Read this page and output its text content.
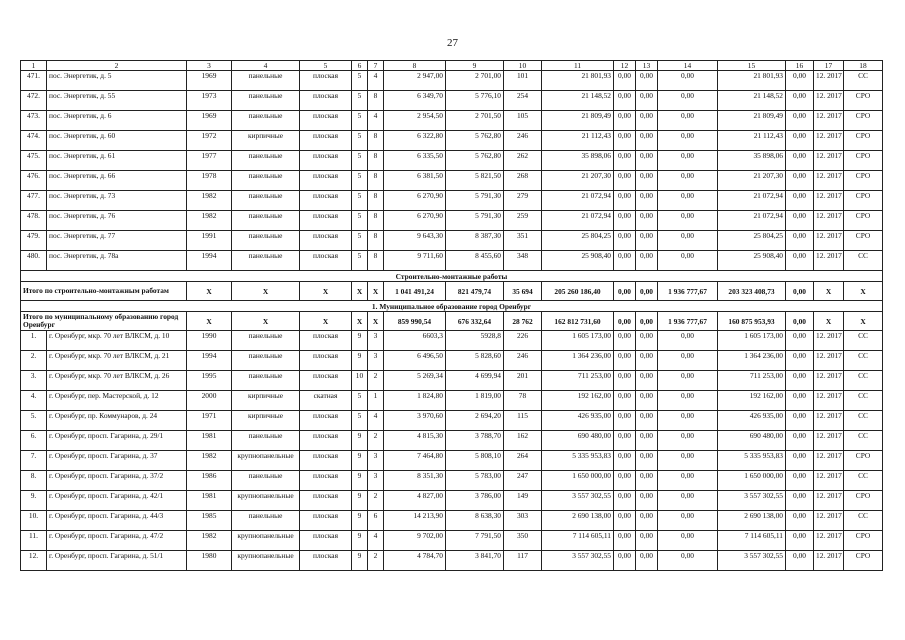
27
1	2	3	4	5	6	7	8	9	10	11	12	13	14	15	16	17	18
471.	пос. Энергетик, д. 5	1969	панельные	плоская	5	4	2 947,00	2 701,00	101	21 801,93	0,00	0,00	0,00	21 801,93	0,00	12. 2017	СС
472.	пос. Энергетик, д. 55	1973	панельные	плоская	5	8	6 349,70	5 776,10	254	21 148,52	0,00	0,00	0,00	21 148,52	0,00	12. 2017	СРО
473.	пос. Энергетик, д. 6	1969	панельные	плоская	5	4	2 954,50	2 701,50	105	21 809,49	0,00	0,00	0,00	21 809,49	0,00	12. 2017	СРО
474.	пос. Энергетик, д. 60	1972	кирпичные	плоская	5	8	6 322,80	5 762,80	246	21 112,43	0,00	0,00	0,00	21 112,43	0,00	12. 2017	СРО
475.	пос. Энергетик, д. 61	1977	панельные	плоская	5	8	6 335,50	5 762,80	262	35 898,06	0,00	0,00	0,00	35 898,06	0,00	12. 2017	СРО
476.	пос. Энергетик, д. 66	1978	панельные	плоская	5	8	6 381,50	5 821,50	268	21 207,30	0,00	0,00	0,00	21 207,30	0,00	12. 2017	СРО
477.	пос. Энергетик, д. 73	1982	панельные	плоская	5	8	6 270,90	5 791,30	279	21 072,94	0,00	0,00	0,00	21 072,94	0,00	12. 2017	СРО
478.	пос. Энергетик, д. 76	1982	панельные	плоская	5	8	6 270,90	5 791,30	259	21 072,94	0,00	0,00	0,00	21 072,94	0,00	12. 2017	СРО
479.	пос. Энергетик, д. 77	1991	панельные	плоская	5	8	9 643,30	8 387,30	351	25 804,25	0,00	0,00	0,00	25 804,25	0,00	12. 2017	СРО
480.	пос. Энергетик, д. 78а	1994	панельные	плоская	5	8	9 711,60	8 455,60	348	25 908,40	0,00	0,00	0,00	25 908,40	0,00	12. 2017	СС
Строительно-монтажные работы																	
Итого по строительно-монтажным работам		X	X	X	X	X	1 041 491,24	821 479,74	35 694	205 260 186,40	0,00	0,00	1 936 777,67	203 323 408,73	0,00	X	X
1. Муниципальное образование город Оренбург																	
Итого по муниципальному образованию город Оренбург		X	X	X	X	X	859 990,54	676 332,64	28 762	162 812 731,60	0,00	0,00	1 936 777,67	160 875 953,93	0,00	X	X
1.	г. Оренбург, мкр. 70 лет ВЛКСМ, д. 10	1990	панельные	плоская	9	3	6603,3	5928,8	226	1 605 173,00	0,00	0,00	0,00	1 605 173,00	0,00	12. 2017	СС
2.	г. Оренбург, мкр. 70 лет ВЛКСМ, д. 21	1994	панельные	плоская	9	3	6 496,50	5 828,60	246	1 364 236,00	0,00	0,00	0,00	1 364 236,00	0,00	12. 2017	СС
3.	г. Оренбург, мкр. 70 лет ВЛКСМ, д. 26	1995	панельные	плоская	10	2	5 269,34	4 699,94	201	711 253,00	0,00	0,00	0,00	711 253,00	0,00	12. 2017	СС
4.	г. Оренбург, пер. Мастерской, д. 12	2000	кирпичные	скатная	5	1	1 824,80	1 819,00	78	192 162,00	0,00	0,00	0,00	192 162,00	0,00	12. 2017	СС
5.	г. Оренбург, пр. Коммунаров, д. 24	1971	кирпичные	плоская	5	4	3 970,60	2 694,20	115	426 935,00	0,00	0,00	0,00	426 935,00	0,00	12. 2017	СС
6.	г. Оренбург, просп. Гагарина, д. 29/1	1981	панельные	плоская	9	2	4 815,30	3 788,70	162	690 480,00	0,00	0,00	0,00	690 480,00	0,00	12. 2017	СС
7.	г. Оренбург, просп. Гагарина, д. 37	1982	крупнопанельные	плоская	9	3	7 464,80	5 808,10	264	5 335 953,83	0,00	0,00	0,00	5 335 953,83	0,00	12. 2017	СРО
8.	г. Оренбург, просп. Гагарина, д. 37/2	1986	панельные	плоская	9	3	8 351,30	5 783,00	247	1 650 000,00	0,00	0,00	0,00	1 650 000,00	0,00	12. 2017	СС
9.	г. Оренбург, просп. Гагарина, д. 42/1	1981	крупнопанельные	плоская	9	2	4 827,00	3 786,00	149	3 557 302,55	0,00	0,00	0,00	3 557 302,55	0,00	12. 2017	СРО
10.	г. Оренбург, просп. Гагарина, д. 44/3	1985	панельные	плоская	9	6	14 213,90	8 638,30	303	2 690 138,00	0,00	0,00	0,00	2 690 138,00	0,00	12. 2017	СС
11.	г. Оренбург, просп. Гагарина, д. 47/2	1982	крупнопанельные	плоская	9	4	9 702,00	7 791,50	350	7 114 605,11	0,00	0,00	0,00	7 114 605,11	0,00	12. 2017	СРО
12.	г. Оренбург, просп. Гагарина, д. 51/1	1980	крупнопанельные	плоская	9	2	4 784,70	3 841,70	117	3 557 302,55	0,00	0,00	0,00	3 557 302,55	0,00	12. 2017	СРО
